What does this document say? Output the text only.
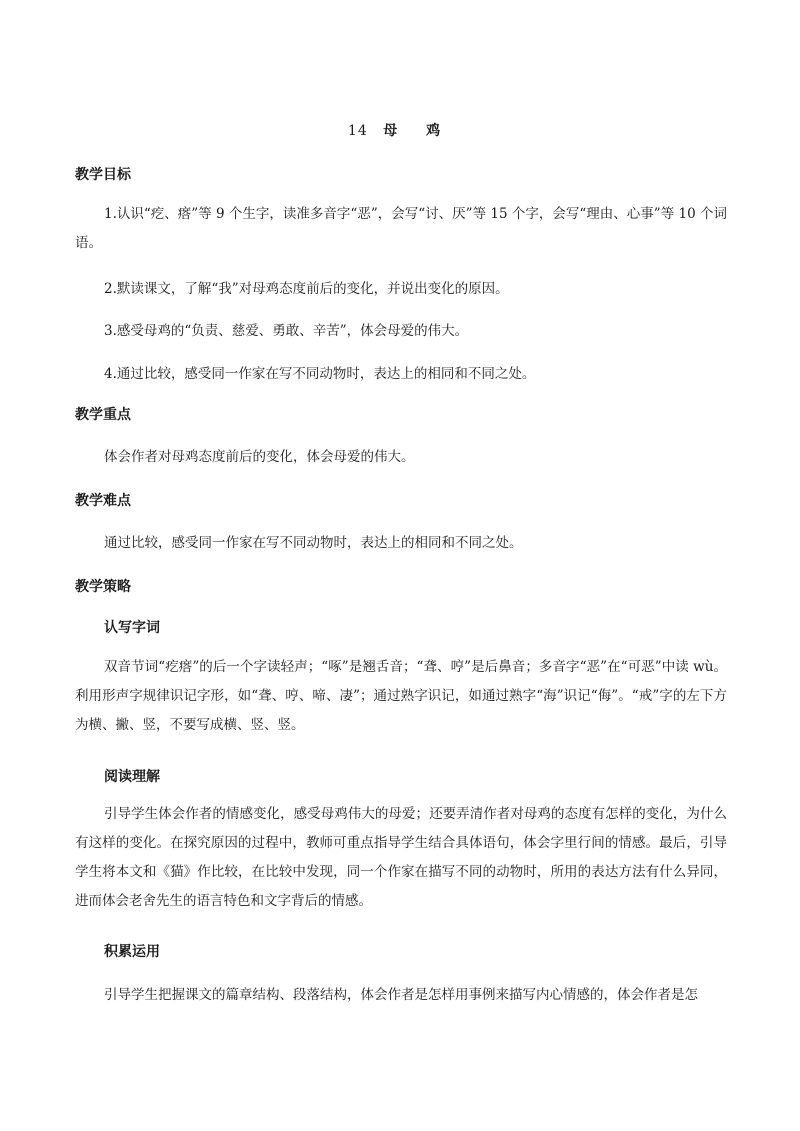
14 母 鸡
教学目标
1.认识“疙、瘩”等 9 个生字，读准多音字“恶”，会写“讨、厌”等 15 个字，会写“理由、心事”等 10 个词语。
2.默读课文，了解“我”对母鸡态度前后的变化，并说出变化的原因。
3.感受母鸡的“负责、慈爱、勇敢、辛苦”，体会母爱的伟大。
4.通过比较，感受同一作家在写不同动物时，表达上的相同和不同之处。
教学重点
体会作者对母鸡态度前后的变化，体会母爱的伟大。
教学难点
通过比较，感受同一作家在写不同动物时，表达上的相同和不同之处。
教学策略
认写字词
双音节词“疙瘩”的后一个字读轻声；“啄”是翘舌音；“聋、哼”是后鼻音；多音字“恶”在“可恶”中读 wù。利用形声字规律识记字形，如“聋、哼、啼、凄”；通过熟字识记，如通过熟字“海”识记“侮”。“戒”字的左下方为横、撇、竖，不要写成横、竖、竖。
阅读理解
引导学生体会作者的情感变化，感受母鸡伟大的母爱；还要弄清作者对母鸡的态度有怎样的变化，为什么有这样的变化。在探究原因的过程中，教师可重点指导学生结合具体语句，体会字里行间的情感。最后，引导学生将本文和《猫》作比较，在比较中发现，同一个作家在描写不同的动物时，所用的表达方法有什么异同，进而体会老舍先生的语言特色和文字背后的情感。
积累运用
引导学生把握课文的篇章结构、段落结构，体会作者是怎样用事例来描写内心情感的，体会作者是怎
